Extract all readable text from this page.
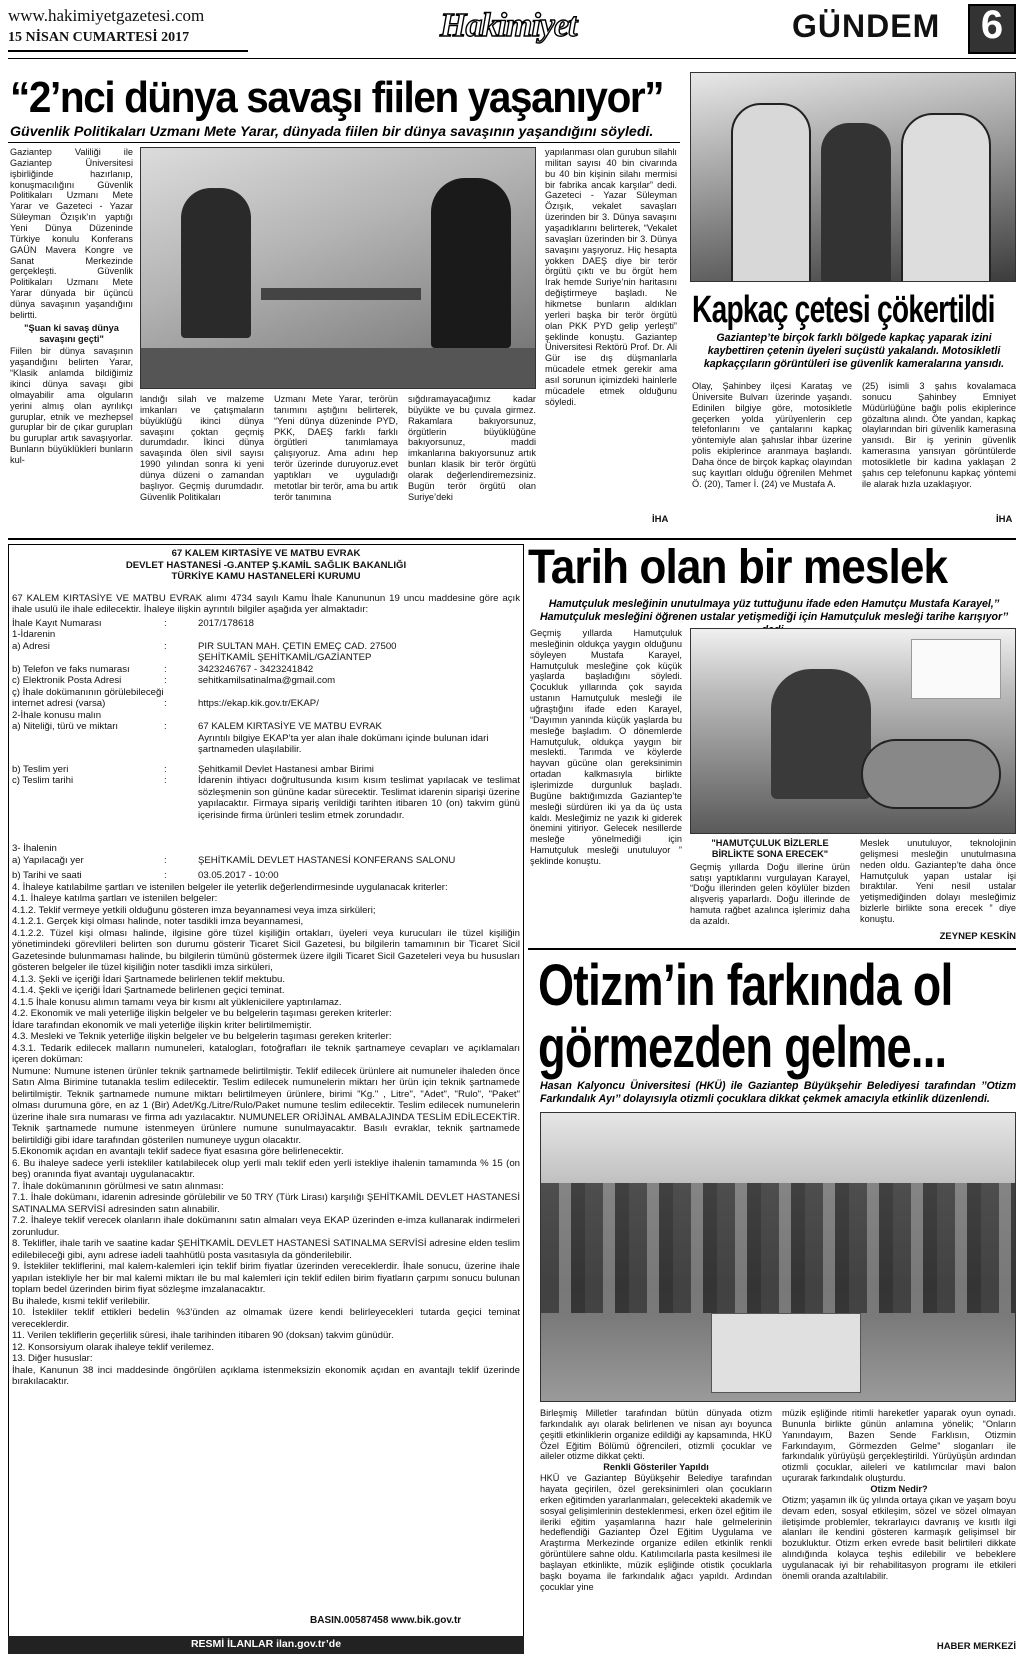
www.hakimiyetgazetesi.com
15 NİSAN CUMARTESİ 2017	Hakimiyet	GÜNDEM	6
“2’nci dünya savaşı fiilen yaşanıyor”
Güvenlik Politikaları Uzmanı Mete Yarar, dünyada fiilen bir dünya savaşının yaşandığını söyledi.

Gaziantep Valiliği ile Gaziantep Üniversitesi işbirliğinde hazırlanıp, konuşmacılığını Güvenlik Politikaları Uzmanı Mete Yarar ve Gazeteci - Yazar Süleyman Özışık’ın yaptığı Yeni Dünya Düzeninde Türkiye konulu Konferans GAÜN Mavera Kongre ve Sanat Merkezinde gerçekleşti. Güvenlik Politikaları Uzmanı Mete Yarar dünyada bir üçüncü dünya savaşının yaşandığını belirtti.

"Şuan ki savaş dünya savaşını geçti"

Fiilen bir dünya savaşının yaşandığını belirten Yarar, “Klasik anlamda bildiğimiz ikinci dünya savaşı gibi olmayabilir ama olguların yerini almış olan ayrılıkçı guruplar, etnik ve mezhepsel guruplar bir de çıkar gurupları bu guruplar artık savaşıyorlar. Bunların büyüklükleri bunların kul-

landığı silah ve malzeme imkanları ve çatışmaların büyüklüğü ikinci dünya savaşını çoktan geçmiş durumdadır. İkinci dünya savaşında ölen sivil sayısı 1990 yılından sonra ki yeni dünya düzeni o zamandan başlıyor. Geçmiş durumdadır. Güvenlik Politikaları
Uzmanı Mete Yarar, terörün tanımını aştığını belirterek, “Yeni dünya düzeninde PYD, PKK, DAEŞ farklı farklı örgütleri tanımlamaya çalışıyoruz. Ama adını hep terör üzerinde duruyoruz.evet yaptıkları ve uyguladığı metotlar bir terör, ama bu artık terör tanımına
sığdıramayacağımız kadar büyükte ve bu çuvala girmez. Rakamlara bakıyorsunuz, örgütlerin büyüklüğüne bakıyorsunuz, maddi imkanlarına bakıyorsunuz artık bunları klasik bir terör örgütü olarak değerlendiremezsiniz. Bugün terör örgütü olan Suriye’deki

yapılanması olan gurubun silahlı militan sayısı 40 bin civarında bu 40 bin kişinin silahı mermisi bir fabrika ancak karşılar” dedi. Gazeteci - Yazar Süleyman Özışık, vekalet savaşları üzerinden bir 3. Dünya savaşını yaşadıklarını belirterek, “Vekalet savaşları üzerinden bir 3. Dünya savaşını yaşıyoruz. Hiç hesapta yokken DAEŞ diye bir terör örgütü çıktı ve bu örgüt hem Irak hemde Suriye’nin haritasını değiştirmeye başladı. Ne hikmetse bunların aldıkları yerleri başka bir terör örgütü olan PKK PYD gelip yerleşti” şeklinde konuştu. Gaziantep Üniversitesi Rektörü Prof. Dr. Ali Gür ise dış düşmanlarla mücadele etmek gerekir ama asıl sorunun içimizdeki hainlerle mücadele etmek olduğunu söyledi.

İHA
Kapkaç çetesi çökertildi
Gaziantep’te birçok farklı bölgede kapkaç yaparak izini kaybettiren çetenin üyeleri suçüstü yakalandı. Motosikletli kapkaççıların görüntüleri ise güvenlik kameralarına yansıdı.
Olay, Şahinbey ilçesi Karataş ve Üniversite Bulvarı üzerinde yaşandı. Edinilen bilgiye göre, motosikletle geçerken yolda yürüyenlerin cep telefonlarını ve çantalarını kapkaç yöntemiyle alan şahıslar ihbar üzerine polis ekiplerince aranmaya başlandı. Daha önce de birçok kapkaç olayından suç kayıtları olduğu öğrenilen Mehmet Ö. (20), Tamer İ. (24) ve Mustafa A.
(25) isimli 3 şahıs kovalamaca sonucu Şahinbey Emniyet Müdürlüğüne bağlı polis ekiplerince gözaltına alındı. Öte yandan, kapkaç olaylarından biri güvenlik kamerasına yansıdı. Bir iş yerinin güvenlik kamerasına yansıyan görüntülerde motosikletle bir kadına yaklaşan 2 şahıs cep telefonunu kapkaç yöntemi ile alarak hızla uzaklaşıyor.
İHA
67 KALEM KIRTASİYE VE MATBU EVRAK
DEVLET HASTANESİ -G.ANTEP Ş.KAMİL SAĞLIK BAKANLIĞI
TÜRKİYE KAMU HASTANELERİ KURUMU
67 KALEM KIRTASİYE VE MATBU EVRAK alımı 4734 sayılı Kamu İhale Kanununun 19 uncu maddesine göre açık ihale usulü ile ihale edilecektir. İhaleye ilişkin ayrıntılı bilgiler aşağıda yer almaktadır:
İhale Kayıt Numarası	:	2017/178618
1-İdarenin
a) Adresi	:	PIR SULTAN MAH. ÇETIN EMEÇ CAD. 27500
ŞEHİTKAMİL ŞEHİTKAMİL/GAZİANTEP
b) Telefon ve faks numarası	:	3423246767 - 3423241842
c) Elektronik Posta Adresi	:	sehitkamilsatinalma@gmail.com
ç) İhale dokümanının görülebileceği
internet adresi (varsa)	:	https://ekap.kik.gov.tr/EKAP/
2-İhale konusu malın
a) Niteliği, türü ve miktarı	:	67 KALEM KIRTASİYE VE MATBU EVRAK
Ayrıntılı bilgiye EKAP’ta yer alan ihale dokümanı içinde bulunan idari şartnameden ulaşılabilir.
b) Teslim yeri	:	Şehitkamil Devlet Hastanesi ambar Birimi
c) Teslim tarihi	:	İdarenin ihtiyacı doğrultusunda kısım kısım teslimat yapılacak ve teslimat sözleşmenin son gününe kadar sürecektir. Teslimat idarenin siparişi üzerine yapılacaktır. Firmaya sipariş verildiği tarihten itibaren 10 (on) takvim günü içerisinde firma ürünleri teslim etmek zorundadır.
3- İhalenin
a) Yapılacağı yer	:	ŞEHİTKAMİL DEVLET HASTANESİ KONFERANS SALONU
b) Tarihi ve saati	:	03.05.2017 - 10:00
4. İhaleye katılabilme şartları ve istenilen belgeler ile yeterlik değerlendirmesinde uygulanacak kriterler:
4.1. İhaleye katılma şartları ve istenilen belgeler:
4.1.2. Teklif vermeye yetkili olduğunu gösteren imza beyannamesi veya imza sirküleri;
4.1.2.1. Gerçek kişi olması halinde, noter tasdikli imza beyannamesi,
4.1.2.2. Tüzel kişi olması halinde, ilgisine göre tüzel kişiliğin ortakları, üyeleri veya kurucuları ile tüzel kişiliğin yönetimindeki görevlileri belirten son durumu gösterir Ticaret Sicil Gazetesi, bu bilgilerin tamamının bir Ticaret Sicil Gazetesinde bulunmaması halinde, bu bilgilerin tümünü göstermek üzere ilgili Ticaret Sicil Gazeteleri veya bu hususları gösteren belgeler ile tüzel kişiliğin noter tasdikli imza sirküleri,
4.1.3. Şekli ve içeriği İdari Şartnamede belirlenen teklif mektubu.
4.1.4. Şekli ve içeriği İdari Şartnamede belirlenen geçici teminat.
4.1.5 İhale konusu alımın tamamı veya bir kısmı alt yüklenicilere yaptırılamaz.
4.2. Ekonomik ve mali yeterliğe ilişkin belgeler ve bu belgelerin taşıması gereken kriterler:
İdare tarafından ekonomik ve mali yeterliğe ilişkin kriter belirtilmemiştir.
4.3. Mesleki ve Teknik yeterliğe ilişkin belgeler ve bu belgelerin taşıması gereken kriterler:
4.3.1. Tedarik edilecek malların numuneleri, katalogları, fotoğrafları ile teknik şartnameye cevapları ve açıklamaları içeren doküman:
Numune: Numune istenen ürünler teknik şartnamede belirtilmiştir. Teklif edilecek ürünlere ait numuneler ihaleden önce Satın Alma Birimine tutanakla teslim edilecektir. Teslim edilecek numunelerin miktarı her ürün için teknik şartnamede belirtilmiştir. Teknik şartnamede numune miktarı belirtilmeyen ürünlere, birimi "Kg." , Litre", "Adet", "Rulo", "Paket" olması durumuna göre, en az 1 (Bir) Adet/Kg./Litre/Rulo/Paket numune teslim edilecektir. Teslim edilecek numunelerin üzerine ihale sıra numarası ve firma adı yazılacaktır. NUMUNELER ORİJİNAL AMBALAJINDA TESLİM EDİLECEKTİR. Teknik şartnamede numune istenmeyen ürünlere numune sunulmayacaktır. Basılı evraklar, teknik şartnamede belirtildiği gibi idare tarafından gösterilen numuneye uygun olacaktır.
5.Ekonomik açıdan en avantajlı teklif sadece fiyat esasına göre belirlenecektir.
6. Bu ihaleye sadece yerli istekliler katılabilecek olup yerli malı teklif eden yerli istekliye ihalenin tamamında % 15 (on beş) oranında fiyat avantajı uygulanacaktır.
7. İhale dokümanının görülmesi ve satın alınması:
7.1. İhale dokümanı, idarenin adresinde görülebilir ve 50 TRY (Türk Lirası) karşılığı ŞEHİTKAMİL DEVLET HASTANESİ SATINALMA SERVİSİ adresinden satın alınabilir.
7.2. İhaleye teklif verecek olanların ihale dokümanını satın almaları veya EKAP üzerinden e-imza kullanarak indirmeleri zorunludur.
8. Teklifler, ihale tarih ve saatine kadar ŞEHİTKAMİL DEVLET HASTANESİ SATINALMA SERVİSİ adresine elden teslim edilebileceği gibi, aynı adrese iadeli taahhütlü posta vasıtasıyla da gönderilebilir.
9. İstekliler tekliflerini, mal kalem-kalemleri için teklif birim fiyatlar üzerinden vereceklerdir. İhale sonucu, üzerine ihale yapılan istekliyle her bir mal kalemi miktarı ile bu mal kalemleri için teklif edilen birim fiyatların çarpımı sonucu bulunan toplam bedel üzerinden birim fiyat sözleşme imzalanacaktır.
Bu ihalede, kısmi teklif verilebilir.
10. İstekliler teklif ettikleri bedelin %3’ünden az olmamak üzere kendi belirleyecekleri tutarda geçici teminat vereceklerdir.
11. Verilen tekliflerin geçerlilik süresi, ihale tarihinden itibaren 90 (doksan) takvim günüdür.
12. Konsorsiyum olarak ihaleye teklif verilemez.
13. Diğer hususlar:
İhale, Kanunun 38 inci maddesinde öngörülen açıklama istenmeksizin ekonomik açıdan en avantajlı teklif üzerinde bırakılacaktır.
BASIN.00587458 www.bik.gov.tr
RESMİ İLANLAR ilan.gov.tr’de
Tarih olan bir meslek
Hamutçuluk mesleğinin unutulmaya yüz tuttuğunu ifade eden Hamutçu Mustafa Karayel,’’ Hamutçuluk mesleğini öğrenen ustalar yetişmediği için Hamutçuluk mesleği tarihe karışıyor’’
Geçmiş yıllarda Hamutçuluk mesleğinin oldukça yaygın olduğunu söyleyen Mustafa Karayel, Hamutçuluk mesleğine çok küçük yaşlarda başladığını söyledi. Çocukluk yıllarında çok sayıda ustanın Hamutçuluk mesleği ile uğraştığını ifade eden Karayel, “Dayımın yanında küçük yaşlarda bu mesleğe başladım. O dönemlerde Hamutçuluk, oldukça yaygın bir meslekti. Tarımda ve köylerde hayvan gücüne olan gereksinimin ortadan kalkmasıyla birlikte işlerimizde durgunluk başladı. Bugüne baktığımızda Gaziantep’te mesleği sürdüren iki ya da üç usta kaldı. Mesleğimiz ne yazık ki giderek önemini yitiriyor. Gelecek nesillerde mesleğe yönelmediği için Hamutçuluk mesleği unutuluyor ” şeklinde konuştu.

"HAMUTÇULUK BİZLERLE BİRLİKTE SONA ERECEK"

Geçmiş yıllarda Doğu illerine ürün satışı yaptıklarını vurgulayan Karayel, “Doğu illerinden gelen köylüler bizden alışveriş yaparlardı. Doğu illerinde de hamuta rağbet azalınca işlerimiz daha da azaldı.

Meslek unutuluyor, teknolojinin gelişmesi mesleğin unutulmasına neden oldu. Gaziantep’te daha önce Hamutçuluk yapan ustalar işi bıraktılar. Yeni nesil ustalar yetişmediğinden dolayı mesleğimiz bizlerle birlikte sona erecek ” diye konuştu.
ZEYNEP KESKİN
Otizm’in farkında ol
görmezden gelme...
Hasan Kalyoncu Üniversitesi (HKÜ) ile Gaziantep Büyükşehir Belediyesi tarafından ’’Otizm Farkındalık Ayı’’ dolayısıyla otizmli çocuklara dikkat çekmek amacıyla etkinlik düzenlendi.

Birleşmiş Milletler tarafından bütün dünyada otizm farkındalık ayı olarak belirlenen ve nisan ayı boyunca çeşitli etkinliklerin organize edildiği ay kapsamında, HKÜ Özel Eğitim Bölümü öğrencileri, otizmli çocuklar ve aileler otizme dikkat çekti.

Renkli Gösteriler Yapıldı

HKÜ ve Gaziantep Büyükşehir Belediye tarafından hayata geçirilen, özel gereksinimleri olan çocukların erken eğitimden yararlanmaları, gelecekteki akademik ve sosyal gelişimlerinin desteklenmesi, erken özel eğitim ile ileriki eğitim yaşamlarına hazır hale gelmelerinin hedeflendiği Gaziantep Özel Eğitim Uygulama ve Araştırma Merkezinde organize edilen etkinlik renkli görüntülere sahne oldu. Katılımcılarla pasta kesilmesi ile başlayan etkinlikte, müzik eşliğinde otistik çocuklarla başkı boyama ile farkındalık ağacı yapıldı. Ardından çocuklar yine

müzik eşliğinde ritimli hareketler yaparak oyun oynadı. Bununla birlikte günün anlamına yönelik; “Onların Yanındayım, Bazen Sende Farklısın, Otizmin Farkındayım, Görmezden Gelme” sloganları ile farkındalık yürüyüşü gerçekleştirildi. Yürüyüşün ardından otizmli çocuklar, aileleri ve katılımcılar mavi balon uçurarak farkındalık oluşturdu.

Otizm Nedir?

Otizm; yaşamın ilk üç yılında ortaya çıkan ve yaşam boyu devam eden, sosyal etkileşim, sözel ve sözel olmayan iletişimde problemler, tekrarlayıcı davranış ve kısıtlı ilgi alanları ile kendini gösteren karmaşık gelişimsel bir bozukluktur. Otizm erken evrede basit belirtileri dikkate alındığında kolayca teşhis edilebilir ve bebeklere uygulanacak iyi bir rehabilitasyon programı ile etkileri önemli oranda azaltılabilir.

HABER MERKEZİ
